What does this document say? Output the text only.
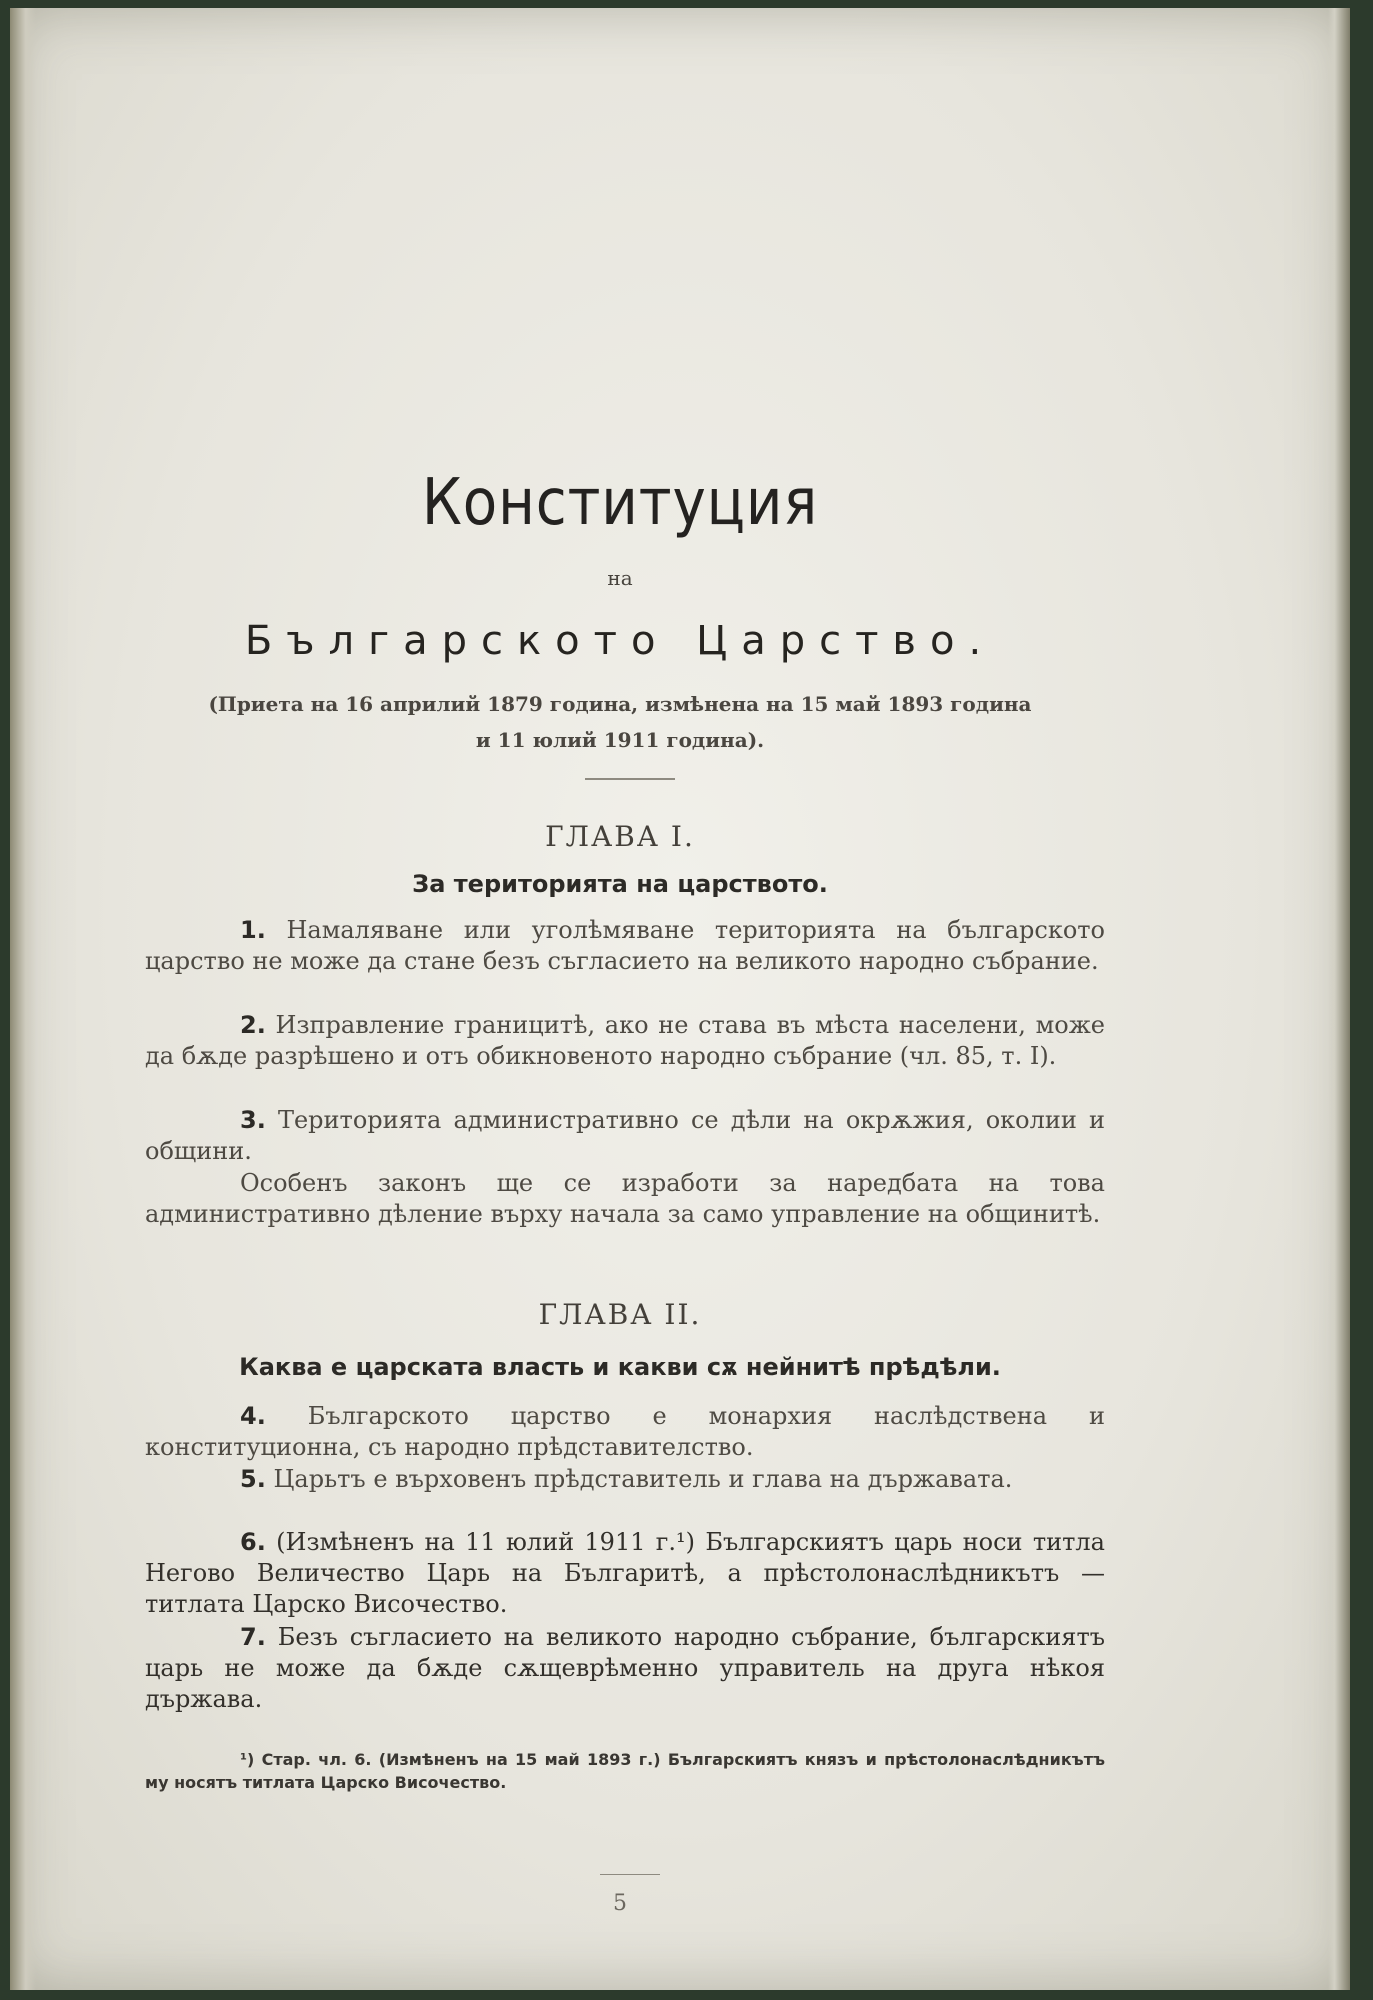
Конституция
на
Българското Царство.
(Приета на 16 априлий 1879 година, измѣнена на 15 май 1893 година
и 11 юлий 1911 година).
ГЛАВА I.
За територията на царството.
1. Намаляване или уголѣмяване територията на българското царство не може да стане безъ съгласието на великото народно събрание.
2. Изправление границитѣ, ако не става въ мѣста населени, може да бѫде разрѣшено и отъ обикновеното народно събрание (чл. 85, т. I).
3. Територията административно се дѣли на окрѫжия, околии и общини.
Особенъ законъ ще се изработи за наредбата на това административно дѣление върху начала за само управление на общинитѣ.
ГЛАВА II.
Каква е царската власть и какви сѫ нейнитѣ прѣдѣли.
4. Българското царство е монархия наслѣдствена и конституционна, съ народно прѣдставителство.
5. Царьтъ е върховенъ прѣдставитель и глава на държавата.
6. (Измѣненъ на 11 юлий 1911 г.¹) Българскиятъ царь носи титла Негово Величество Царь на Българитѣ, а прѣстолонаслѣдникътъ — титлата Царско Височество.
7. Безъ съгласието на великото народно събрание, българскиятъ царь не може да бѫде сѫщеврѣменно управитель на друга нѣкоя държава.
¹) Стар. чл. 6. (Измѣненъ на 15 май 1893 г.) Българскиятъ князъ и прѣстолонаслѣдникътъ му носятъ титлата Царско Височество.
5
